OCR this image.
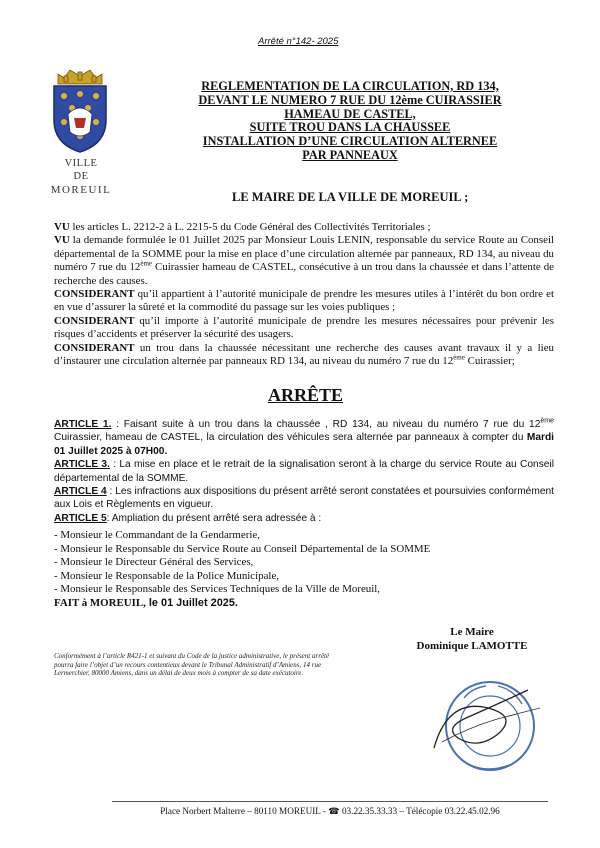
Arrêté n°142- 2025
VILLE
DE
MOREUIL
REGLEMENTATION DE LA CIRCULATION, RD 134,
DEVANT LE NUMERO 7 RUE DU 12ème CUIRASSIER
HAMEAU DE CASTEL,
SUITE TROU DANS LA CHAUSSEE
INSTALLATION D’UNE CIRCULATION ALTERNEE
PAR PANNEAUX
LE MAIRE DE LA VILLE DE MOREUIL ;

VU les articles L. 2212-2 à L. 2215-5 du Code Général des Collectivités Territoriales ;

VU la demande formulée le 01 Juillet 2025 par Monsieur Louis LENIN, responsable du service Route au Conseil départemental de la SOMME pour la mise en place d’une circulation alternée par panneaux, RD 134, au niveau du numéro 7 rue du 12ème Cuirassier hameau de CASTEL, consécutive à un trou dans la chaussée et dans l’attente de recherche des causes.

CONSIDERANT qu’il appartient à l’autorité municipale de prendre les mesures utiles à l’intérêt du bon ordre et en vue d’assurer la sûreté et la commodité du passage sur les voies publiques ;

CONSIDERANT qu’il importe à l’autorité municipale de prendre les mesures nécessaires pour prévenir les risques d’accidents et préserver la sécurité des usagers.

CONSIDERANT un trou dans la chaussée nécessitant une recherche des causes avant travaux il y a lieu d’instaurer une circulation alternée par panneaux RD 134, au niveau du numéro 7 rue du 12ème Cuirassier;

ARRÊTE

ARTICLE 1. : Faisant suite à un trou dans la chaussée , RD 134, au niveau du numéro 7 rue du 12ème Cuirassier, hameau de CASTEL, la circulation des véhicules sera alternée par panneaux à compter du Mardi 01 Juillet 2025 à 07H00.

ARTICLE 3. : La mise en place et le retrait de la signalisation seront à la charge du service Route au Conseil départemental de la SOMME.

ARTICLE 4 : Les infractions aux dispositions du présent arrêté seront constatées et poursuivies conformément aux Lois et Règlements en vigueur.

ARTICLE 5: Ampliation du présent arrêté sera adressée à :

- Monsieur le Commandant de la Gendarmerie,
- Monsieur le Responsable du Service Route au Conseil Départemental de la SOMME
- Monsieur le Directeur Général des Services,
- Monsieur le Responsable de la Police Municipale,
- Monsieur le Responsable des Services Techniques de la Ville de Moreuil,
FAIT à MOREUIL, le 01 Juillet 2025.
Le Maire
Dominique LAMOTTE
Conformément à l’article R421-1 et suivant du Code de la justice administrative, le présent arrêté pourra faire l’objet d’un recours contentieux devant le Tribunal Administratif d’Amiens, 14 rue Lermerchier, 80000 Amiens, dans un délai de deux mois à compter de sa date exécutoire.
Place Norbert Malterre – 80110 MOREUIL - ☎ 03.22.35.33.33 – Télécopie 03.22.45.02.96
